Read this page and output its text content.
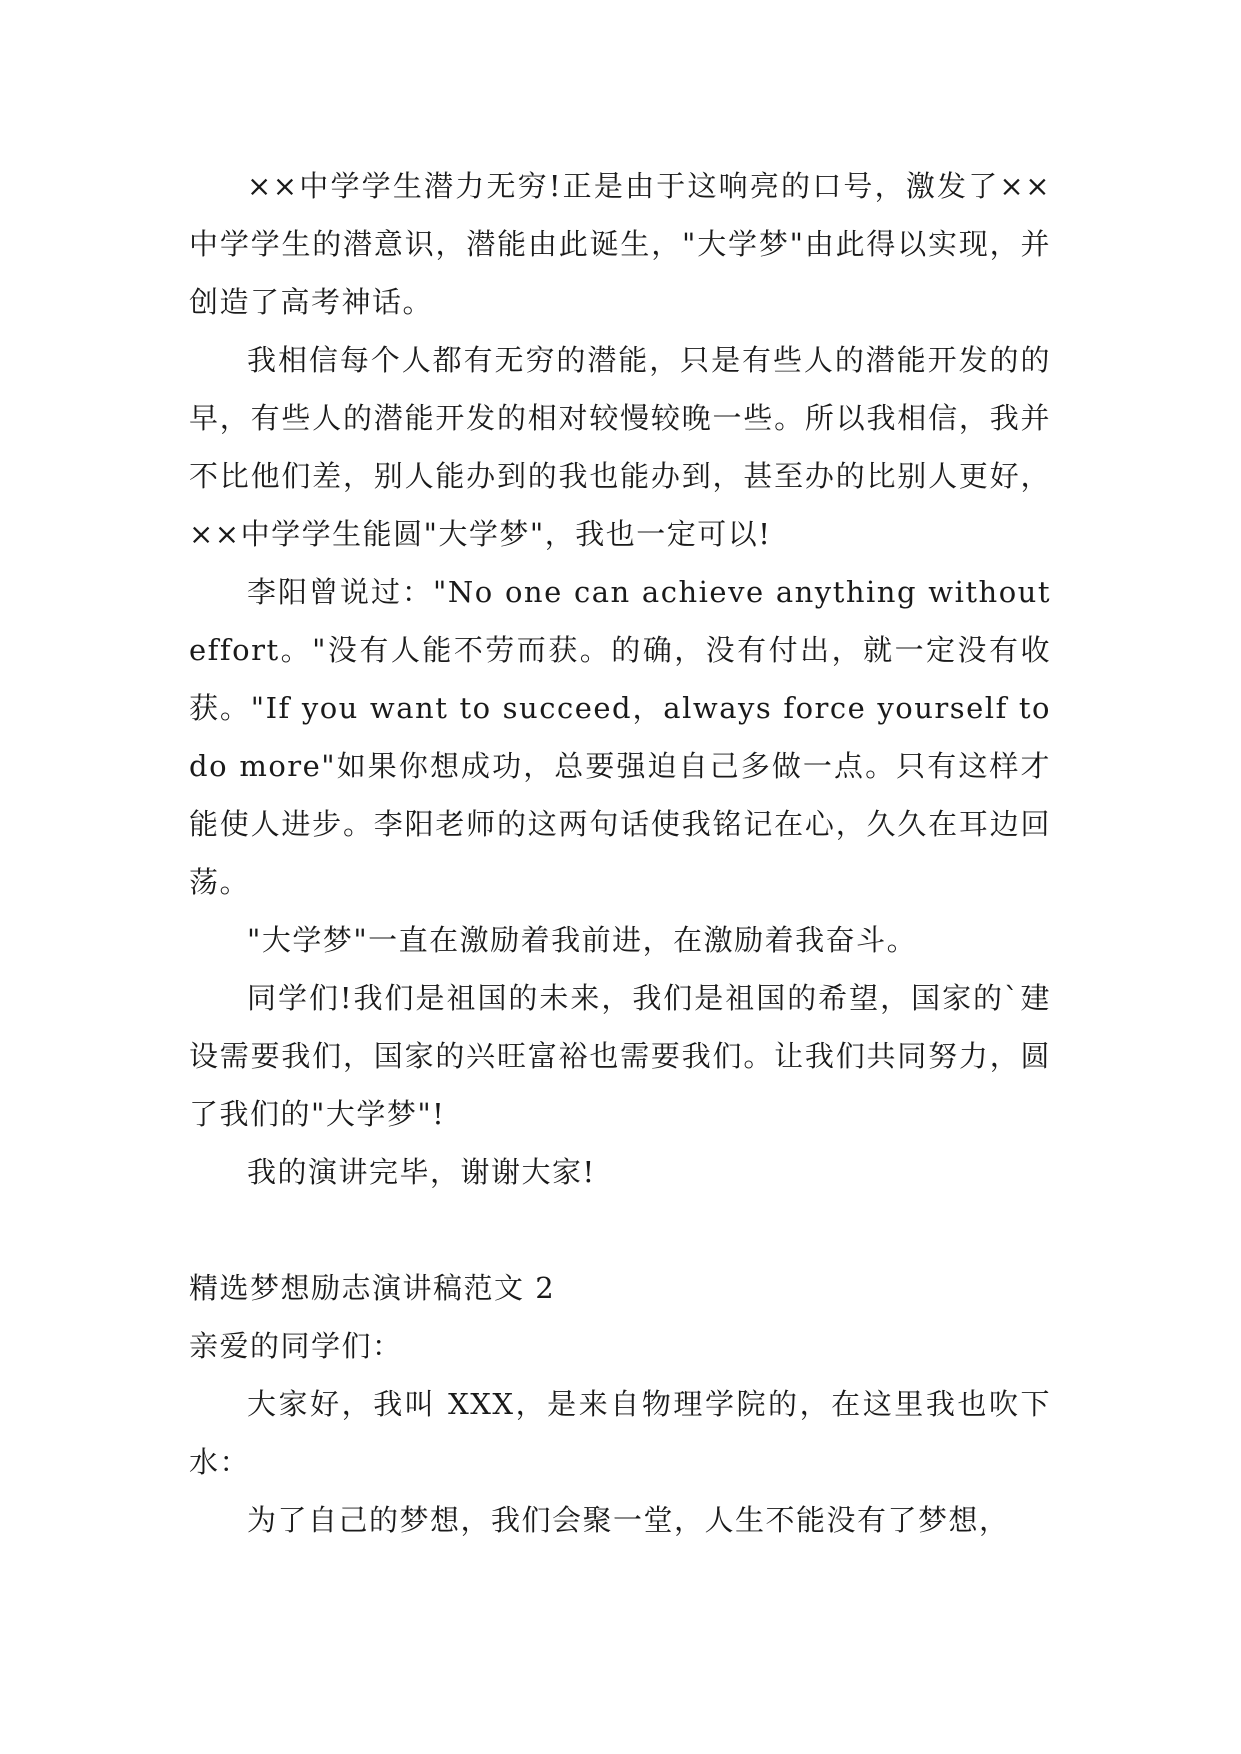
××中学学生潜力无穷!正是由于这响亮的口号，激发了××中学学生的潜意识，潜能由此诞生，"大学梦"由此得以实现，并创造了高考神话。

我相信每个人都有无穷的潜能，只是有些人的潜能开发的的早，有些人的潜能开发的相对较慢较晚一些。所以我相信，我并不比他们差，别人能办到的我也能办到，甚至办的比别人更好，××中学学生能圆"大学梦"，我也一定可以!

李阳曾说过："No one can achieve anything without effort。"没有人能不劳而获。的确，没有付出，就一定没有收获。"If you want to succeed，always force yourself to do more"如果你想成功，总要强迫自己多做一点。只有这样才能使人进步。李阳老师的这两句话使我铭记在心，久久在耳边回荡。

"大学梦"一直在激励着我前进，在激励着我奋斗。

同学们!我们是祖国的未来，我们是祖国的希望，国家的`建设需要我们，国家的兴旺富裕也需要我们。让我们共同努力，圆了我们的"大学梦"!

我的演讲完毕，谢谢大家!

精选梦想励志演讲稿范文 2

亲爱的同学们：

大家好，我叫 XXX，是来自物理学院的，在这里我也吹下水：

为了自己的梦想，我们会聚一堂，人生不能没有了梦想，
